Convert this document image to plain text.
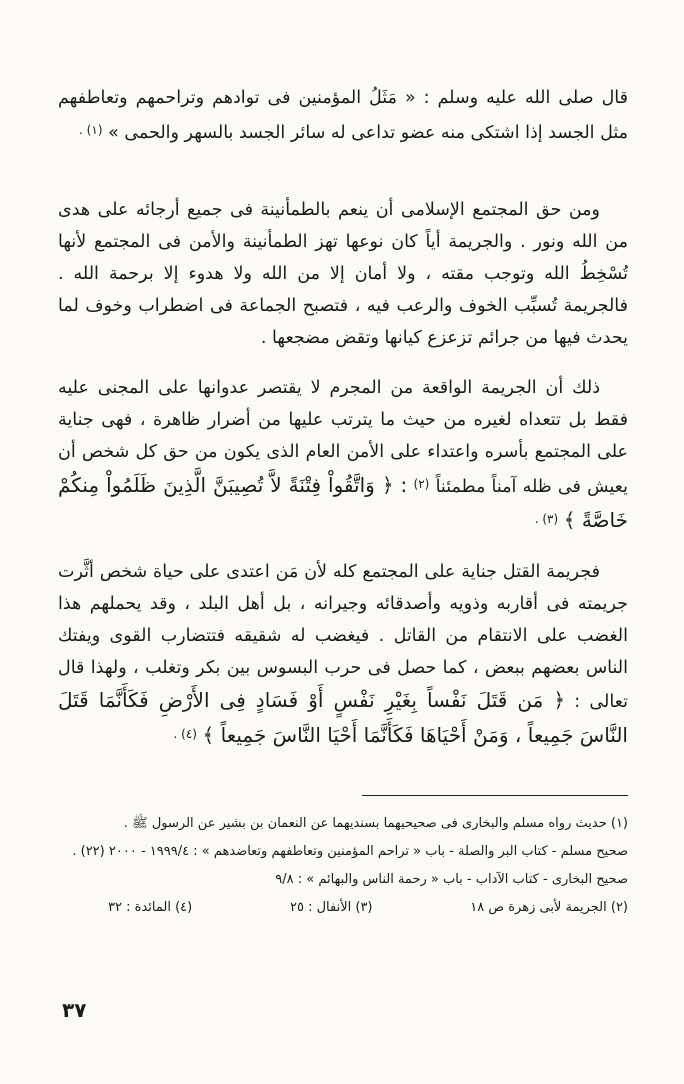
قال صلى الله عليه وسلم : « مَثَلُ المؤمنين فى توادهم وتراحمهم وتعاطفهم مثل الجسد إذا اشتكى منه عضو تداعى له سائر الجسد بالسهر والحمى » $^{(١) .}$

ومن حق المجتمع الإسلامى أن ينعم بالطمأنينة فى جميع أرجائه على هدى من الله ونور . والجريمة أياً كان نوعها تهز الطمأنينة والأمن فى المجتمع لأنها تُسْخِطُ الله وتوجب مقته ، ولا أمان إلا من الله ولا هدوء إلا برحمة الله . فالجريمة تُسبِّب الخوف والرعب فيه ، فتصبح الجماعة فى اضطراب وخوف لما يحدث فيها من جرائم تزعزع كيانها وتقض مضجعها .

ذلك أن الجريمة الواقعة من المجرم لا يقتصر عدوانها على المجنى عليه فقط بل تتعداه لغيره من حيث ما يترتب عليها من أضرار ظاهرة ، فهى جناية على المجتمع بأسره واعتداء على الأمن العام الذى يكون من حق كل شخص أن يعيش فى ظله آمناً مطمئناً $^{(٢)}$ : ﴿ وَاتَّقُواْ فِتْنَةً لاَّ تُصِيبَنَّ الَّذِينَ ظَلَمُواْ مِنكُمْ خَاصَّةً ﴾ $^{(٣) .}$

فجريمة القتل جناية على المجتمع كله لأن مَن اعتدى على حياة شخص أثَّرت جريمته فى أقاربه وذويه وأصدقائه وجيرانه ، بل أهل البلد ، وقد يحملهم هذا الغضب على الانتقام من القاتل . فيغضب له شقيقه فتتضارب القوى ويفتك الناس بعضهم ببعض ، كما حصل فى حرب البسوس بين بكر وتغلب ، ولهذا قال تعالى : ﴿ مَن قَتَلَ نَفْساً بِغَيْرِ نَفْسٍ أَوْ فَسَادٍ فِى الأَرْضِ فَكَأَنَّمَا قَتَلَ النَّاسَ جَمِيعاً ، وَمَنْ أَحْيَاهَا فَكَأَنَّمَا أَحْيَا النَّاسَ جَمِيعاً ﴾ $^{(٤) .}$

(١) حديث رواه مسلم والبخارى فى صحيحيهما بسنديهما عن النعمان بن بشير عن الرسول ﷺ .

صحيح مسلم - كتاب البر والصلة - باب « تراحم المؤمنين وتعاطفهم وتعاضدهم » : ١٩٩٩/٤ - ٢٠٠٠ (٢٢) .

صحيح البخارى - كتاب الآداب - باب « رحمة الناس والبهائم » : ٩/٨

(٢) الجريمة لأبى زهرة ص ١٨
(٣) الأنفال : ٢٥
(٤) المائدة : ٣٢
٣٧
